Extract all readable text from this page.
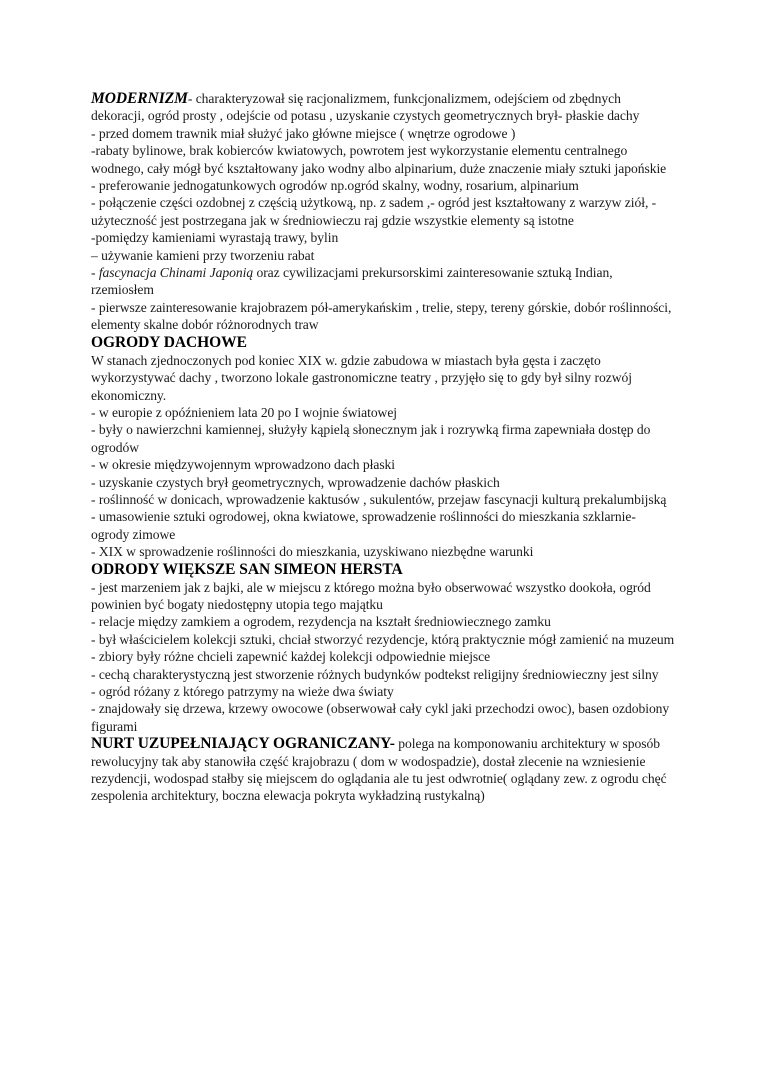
MODERNIZM- charakteryzował się racjonalizmem, funkcjonalizmem, odejściem od zbędnych dekoracji, ogród prosty , odejście od potasu , uzyskanie czystych geometrycznych brył- płaskie dachy

- przed domem trawnik miał służyć jako główne miejsce ( wnętrze ogrodowe )

-rabaty bylinowe, brak kobierców kwiatowych, powrotem jest wykorzystanie elementu centralnego wodnego, cały mógł być kształtowany jako wodny albo alpinarium, duże znaczenie miały sztuki japońskie

- preferowanie jednogatunkowych ogrodów np.ogród skalny, wodny, rosarium, alpinarium

- połączenie części ozdobnej z częścią użytkową, np. z sadem ,- ogród jest kształtowany z warzyw ziół, - użyteczność jest postrzegana jak w średniowieczu raj gdzie wszystkie elementy są istotne

-pomiędzy kamieniami wyrastają trawy, bylin

– używanie kamieni przy tworzeniu rabat

- fascynacja Chinami Japonią oraz cywilizacjami prekursorskimi zainteresowanie sztuką Indian, rzemiosłem

- pierwsze zainteresowanie krajobrazem pół-amerykańskim , trelie, stepy, tereny górskie, dobór roślinności, elementy skalne dobór różnorodnych traw

OGRODY DACHOWE

W stanach zjednoczonych pod koniec XIX w. gdzie zabudowa w miastach była gęsta i zaczęto wykorzystywać dachy , tworzono lokale gastronomiczne teatry , przyjęło się to gdy był silny rozwój ekonomiczny.

- w europie z opóźnieniem lata 20 po I wojnie światowej

- były o nawierzchni kamiennej, służyły kąpielą słonecznym jak i rozrywką firma zapewniała dostęp do ogrodów

- w okresie międzywojennym wprowadzono dach płaski

- uzyskanie czystych brył geometrycznych, wprowadzenie dachów płaskich

- roślinność w donicach, wprowadzenie kaktusów , sukulentów, przejaw fascynacji kulturą prekalumbijską

- umasowienie sztuki ogrodowej, okna kwiatowe, sprowadzenie roślinności do mieszkania szklarnie- ogrody zimowe

- XIX w sprowadzenie roślinności do mieszkania, uzyskiwano niezbędne warunki

ODRODY WIĘKSZE SAN SIMEON HERSTA

- jest marzeniem jak z bajki, ale w miejscu z którego można było obserwować wszystko dookoła, ogród powinien być bogaty niedostępny utopia tego majątku

- relacje między zamkiem a ogrodem, rezydencja na kształt średniowiecznego zamku

- był właścicielem kolekcji sztuki, chciał stworzyć rezydencje, którą praktycznie mógł zamienić na muzeum

- zbiory były różne chcieli zapewnić każdej kolekcji odpowiednie miejsce

- cechą charakterystyczną jest stworzenie różnych budynków podtekst religijny średniowieczny jest silny

- ogród różany z którego patrzymy na wieże dwa światy

- znajdowały się drzewa, krzewy owocowe (obserwował cały cykl jaki przechodzi owoc), basen ozdobiony figurami

NURT UZUPEŁNIAJĄCY OGRANICZANY- polega na komponowaniu architektury w sposób rewolucyjny tak aby stanowiła część krajobrazu ( dom w wodospadzie), dostał zlecenie na wzniesienie rezydencji, wodospad stałby się miejscem do oglądania ale tu jest odwrotnie( oglądany zew. z ogrodu chęć zespolenia architektury, boczna elewacja pokryta wykładziną rustykalną)
